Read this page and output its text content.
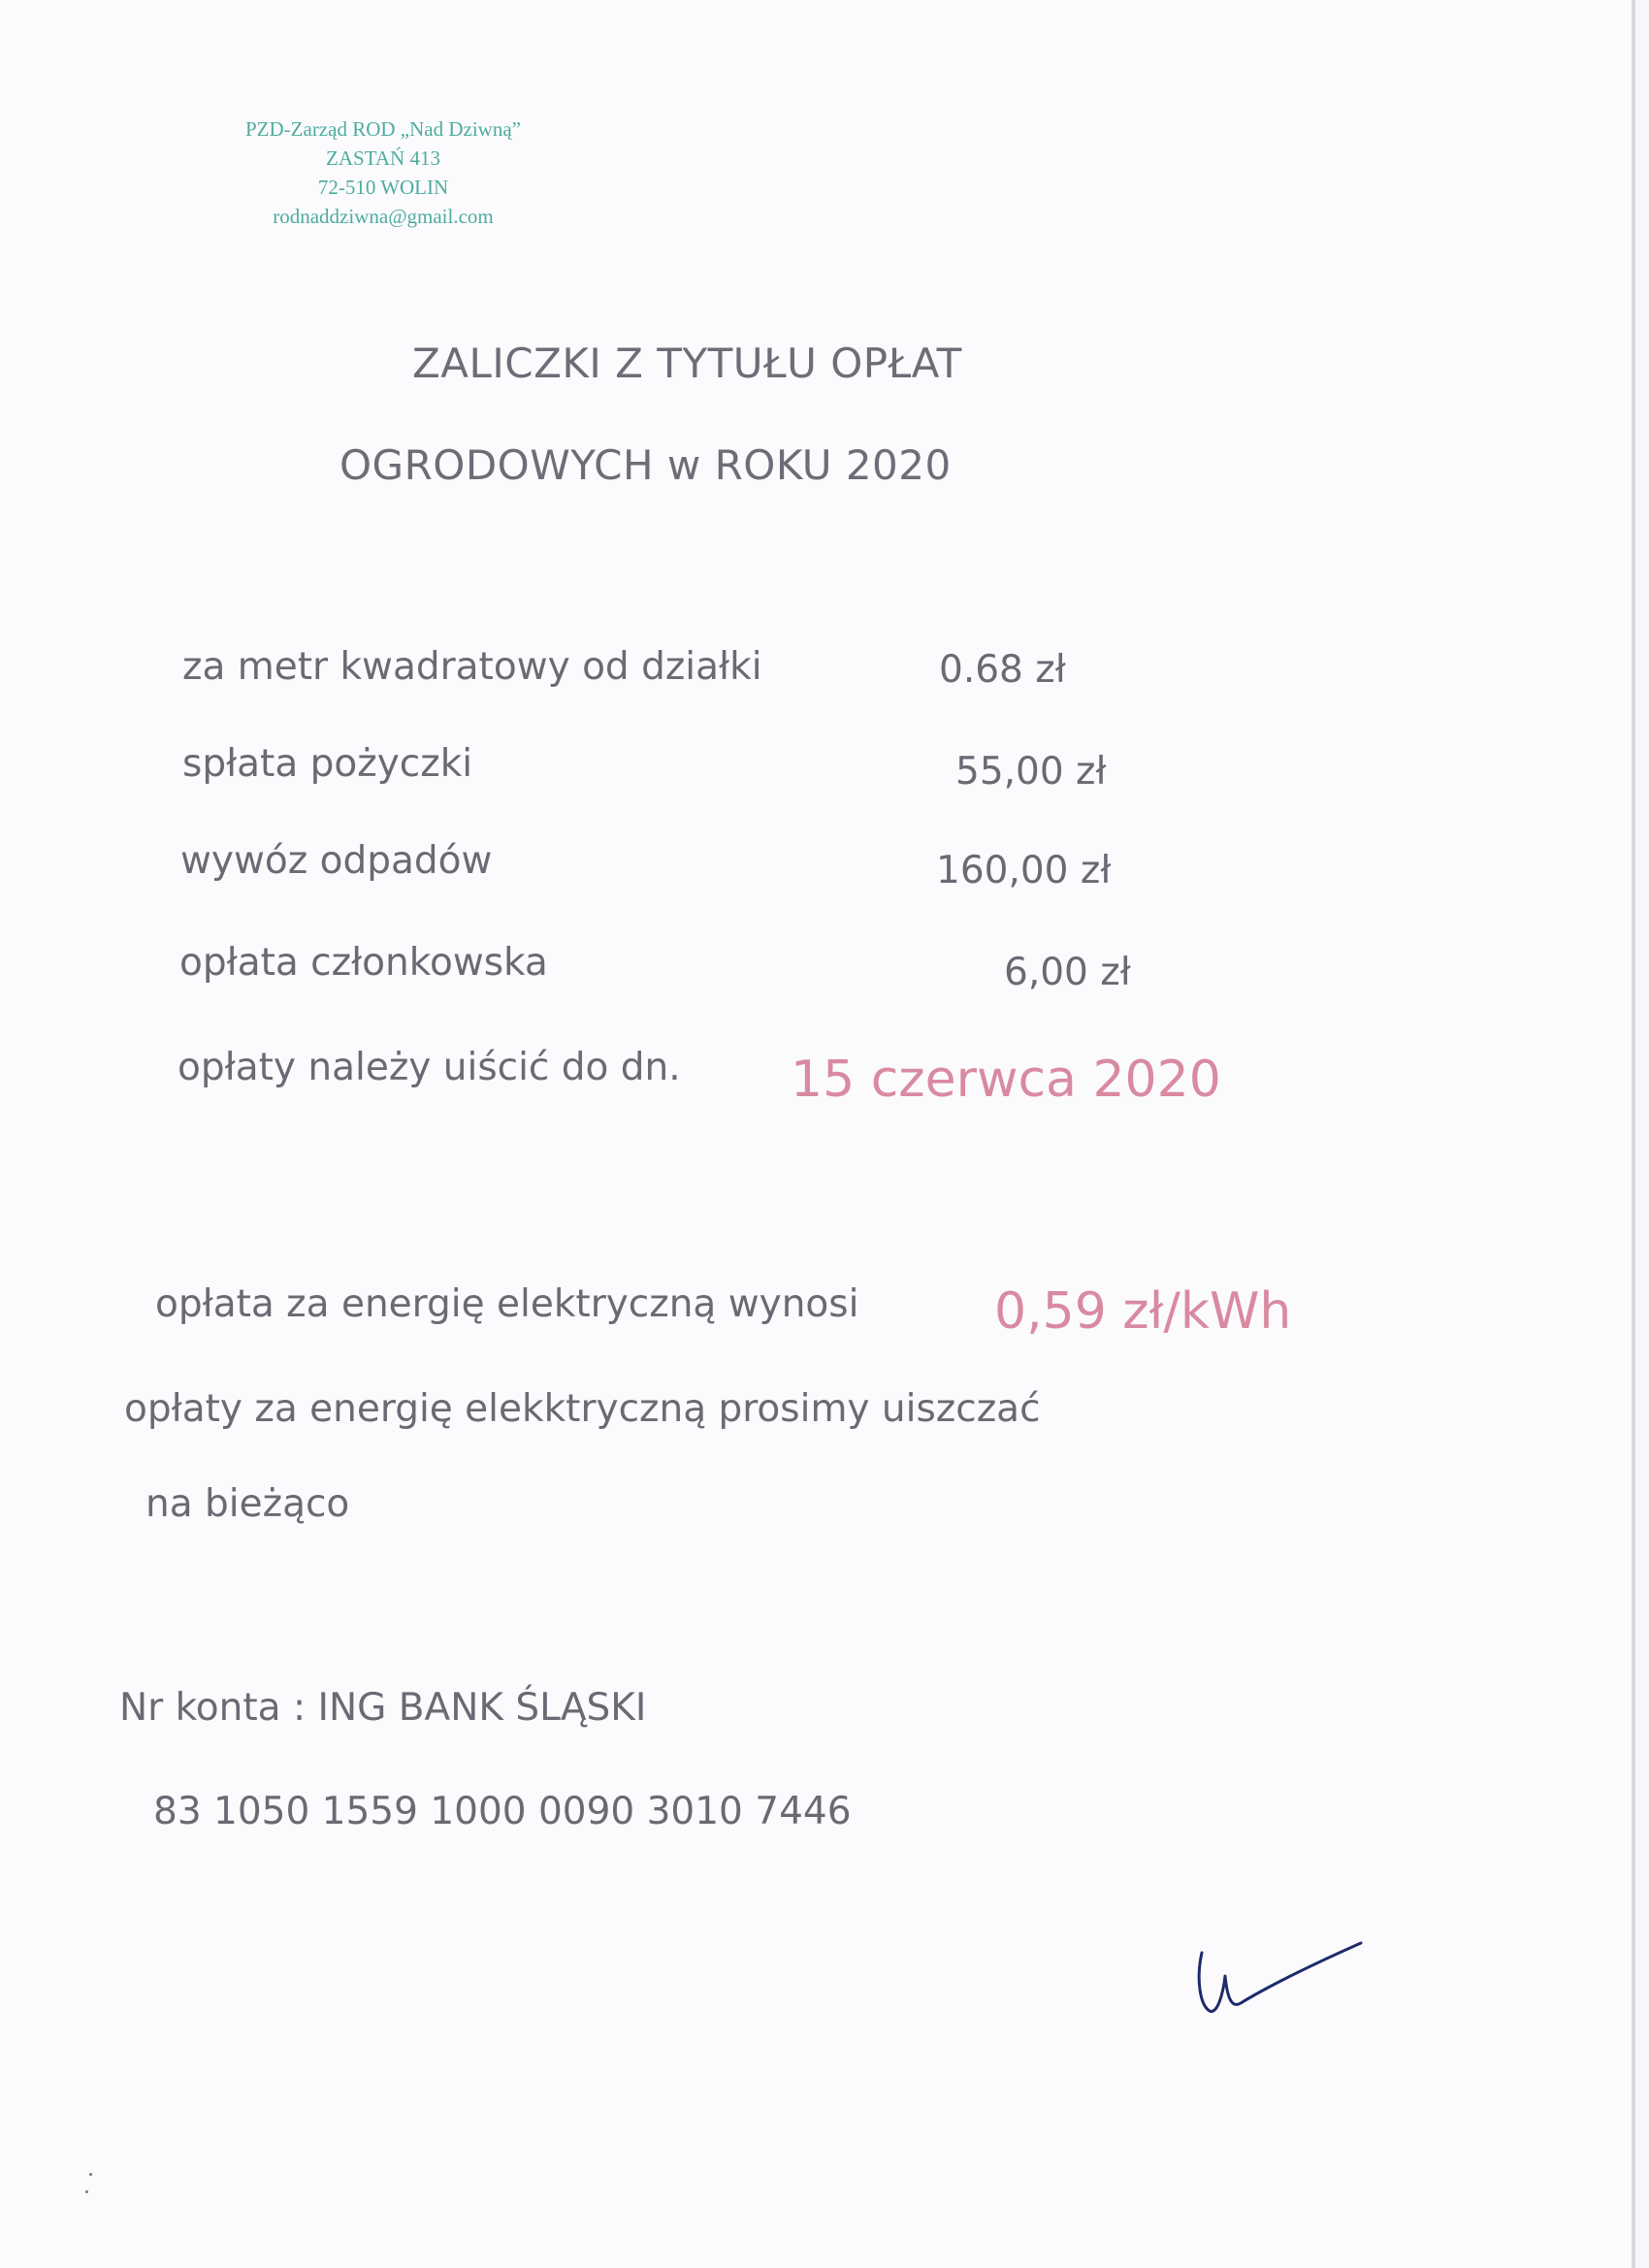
PZD-Zarząd ROD „Nad Dziwną”
ZASTAŃ 413
72-510 WOLIN
rodnaddziwna@gmail.com
ZALICZKI Z TYTUŁU OPŁAT
OGRODOWYCH w ROKU 2020
za metr kwadratowy od działki	0.68 zł
spłata pożyczki	55,00 zł
wywóz odpadów	160,00 zł
opłata członkowska	6,00 zł
opłaty należy uiścić do dn. 15 czerwca 2020
opłata za energię elektryczną wynosi	0,59 zł/kWh
opłaty za energię elekktryczną prosimy uiszczać
na bieżąco
Nr konta : ING BANK ŚLĄSKI
83 1050 1559 1000 0090 3010 7446
